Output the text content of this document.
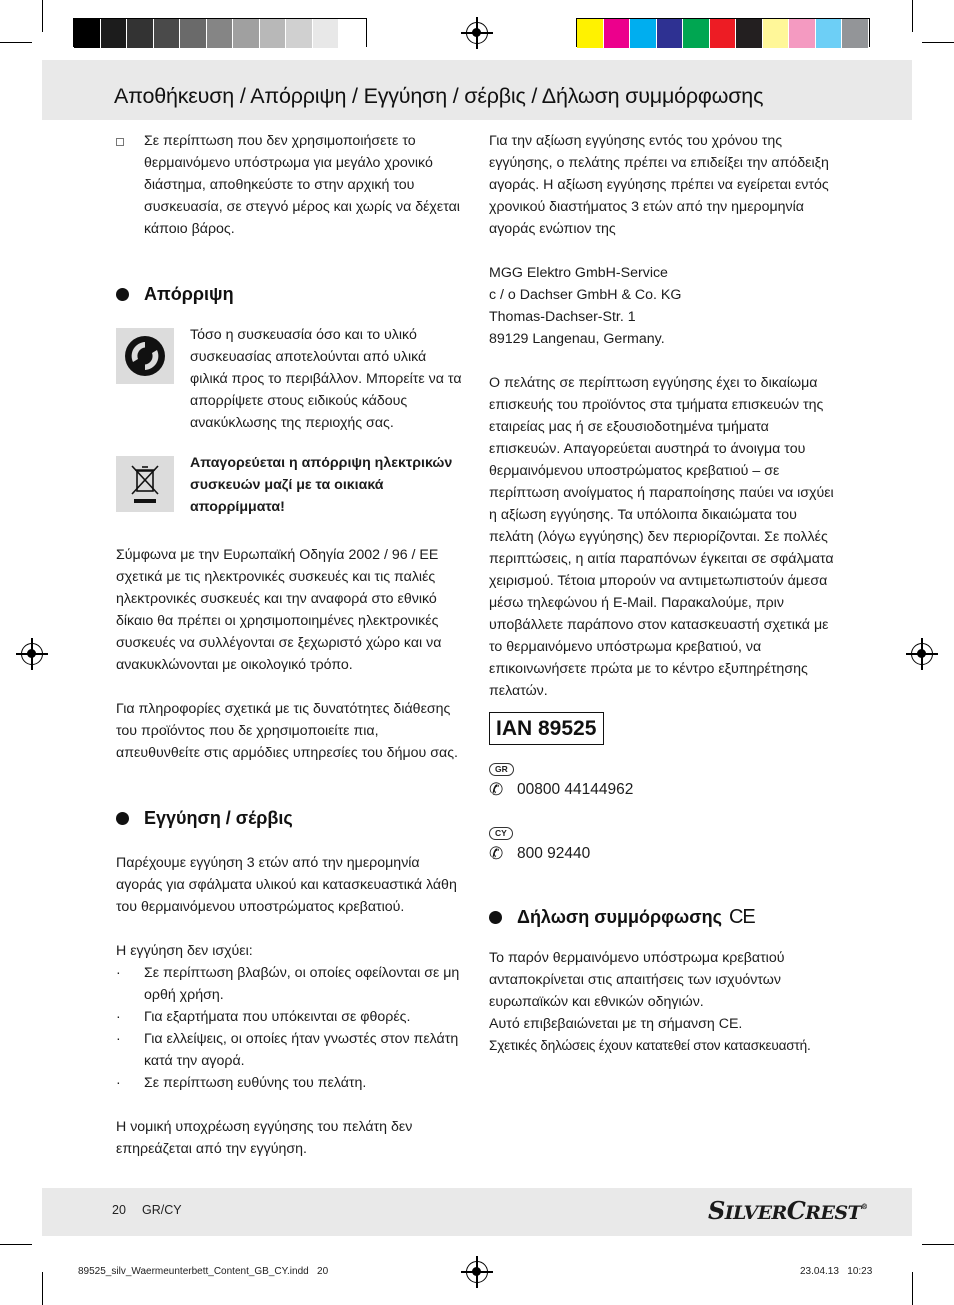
Αποθήκευση / Απόρριψη / Εγγύηση / σέρβις / Δήλωση συμμόρφωσης
Σε περίπτωση που δεν χρησιμοποιήσετε το θερμαινόμενο υπόστρωμα για μεγάλο χρονικό διάστημα, αποθηκεύστε το στην αρχική του συσκευασία, σε στεγνό μέρος και χωρίς να δέχεται κάποιο βάρος.
Απόρριψη
Τόσο η συσκευασία όσο και το υλικό συσκευασίας αποτελούνται από υλικά φιλικά προς το περιβάλλον. Μπορείτε να τα απορρίψετε στους ειδικούς κάδους ανακύκλωσης της περιοχής σας.
Απαγορεύεται η απόρριψη ηλεκτρικών συσκευών μαζί με τα οικιακά απορρίμματα!

Σύμφωνα με την Ευρωπαϊκή Οδηγία 2002 / 96 / EE σχετικά με τις ηλεκτρονικές συσκευές και τις παλιές ηλεκτρονικές συσκευές και την αναφορά στο εθνικό δίκαιο θα πρέπει οι χρησιμοποιημένες ηλεκτρονικές συσκευές να συλλέγονται σε ξεχωριστό χώρο και να ανακυκλώνονται με οικολογικό τρόπο.

Για πληροφορίες σχετικά με τις δυνατότητες διάθεσης του προϊόντος που δε χρησιμοποιείτε πια, απευθυνθείτε στις αρμόδιες υπηρεσίες του δήμου σας.

Εγγύηση / σέρβις

Παρέχουμε εγγύηση 3 ετών από την ημερομηνία αγοράς για σφάλματα υλικού και κατασκευαστικά λάθη του θερμαινόμενου υποστρώματος κρεβατιού.

Η εγγύηση δεν ισχύει:

· Σε περίπτωση βλαβών, οι οποίες οφείλονται σε μη ορθή χρήση.
· Για εξαρτήματα που υπόκεινται σε φθορές.
· Για ελλείψεις, οι οποίες ήταν γνωστές στον πελάτη κατά την αγορά.
· Σε περίπτωση ευθύνης του πελάτη.

Η νομική υποχρέωση εγγύησης του πελάτη δεν επηρεάζεται από την εγγύηση.

Για την αξίωση εγγύησης εντός του χρόνου της εγγύησης, ο πελάτης πρέπει να επιδείξει την απόδειξη αγοράς. Η αξίωση εγγύησης πρέπει να εγείρεται εντός χρονικού διαστήματος 3 ετών από την ημερομηνία αγοράς ενώπιον της

MGG Elektro GmbH-Service
c / o Dachser GmbH & Co. KG
Thomas-Dachser-Str. 1
89129 Langenau, Germany.

Ο πελάτης σε περίπτωση εγγύησης έχει το δικαίωμα επισκευής του προϊόντος στα τμήματα επισκευών της εταιρείας μας ή σε εξουσιοδοτημένα τμήματα επισκευών. Απαγορεύεται αυστηρά το άνοιγμα του θερμαινόμενου υποστρώματος κρεβατιού – σε περίπτωση ανοίγματος ή παραποίησης παύει να ισχύει η αξίωση εγγύησης. Τα υπόλοιπα δικαιώματα του πελάτη (λόγω εγγύησης) δεν περιορίζονται. Σε πολλές περιπτώσεις, η αιτία παραπόνων έγκειται σε σφάλματα χειρισμού. Τέτοια μπορούν να αντιμετωπιστούν άμεσα μέσω τηλεφώνου ή E-Mail. Παρακαλούμε, πριν υποβάλλετε παράπονο στον κατασκευαστή σχετικά με το θερμαινόμενο υπόστρωμα κρεβατιού, να επικοινωνήσετε πρώτα με το κέντρο εξυπηρέτησης πελατών.

IAN 89525
GR
✆ 00800 44144962
CY
✆ 800 92440
Δήλωση συμμόρφωσης CE

Το παρόν θερμαινόμενο υπόστρωμα κρεβατιού ανταποκρίνεται στις απαιτήσεις των ισχυόντων ευρωπαϊκών και εθνικών οδηγιών.

Αυτό επιβεβαιώνεται με τη σήμανση CE.

Σχετικές δηλώσεις έχουν κατατεθεί στον κατασκευαστή.

20 GR/CY	SILVERCREST®
89525_silv_Waermeunterbett_Content_GB_CY.indd   20	23.04.13   10:23
